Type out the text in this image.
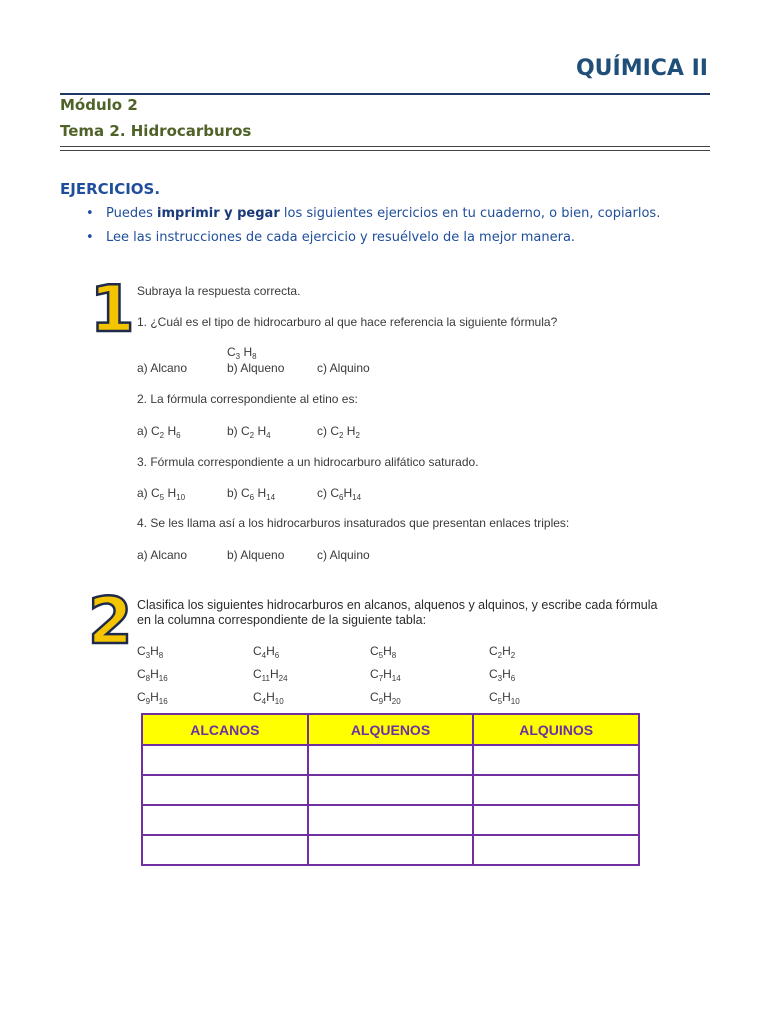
QUÍMICA II
Módulo 2
Tema 2. Hidrocarburos
EJERCICIOS.
• Puedes imprimir y pegar los siguientes ejercicios en tu cuaderno, o bien, copiarlos.
• Lee las instrucciones de cada ejercicio y resuélvelo de la mejor manera.
1 Subraya la respuesta correcta.
1. ¿Cuál es el tipo de hidrocarburo al que hace referencia la siguiente fórmula?
$C_3$ $H_8$
a) Alcano	b) Alqueno	c) Alquino
2. La fórmula correspondiente al etino es:
a) $C_2$ $H_6$	b) $C_2$ $H_4$	c) $C_2$ $H_2$
3. Fórmula correspondiente a un hidrocarburo alifático saturado.
a) $C_5$ $H_{10}$	b) $C_6$ $H_{14}$	c) $C_6H_{14}$
4. Se les llama así a los hidrocarburos insaturados que presentan enlaces triples:
a) Alcano	b) Alqueno	c) Alquino
2 Clasifica los siguientes hidrocarburos en alcanos, alquenos y alquinos, y escribe cada fórmula
en la columna correspondiente de la siguiente tabla:
$C_3H_8$	$C_4H_6$	$C_5H_8$	$C_2H_2$
$C_8H_{16}$	$C_{11}H_{24}$	$C_7H_{14}$	$C_3H_6$
$C_9H_{16}$	$C_4H_{10}$	$C_9H_{20}$	$C_5H_{10}$
ALCANOS	ALQUENOS	ALQUINOS
